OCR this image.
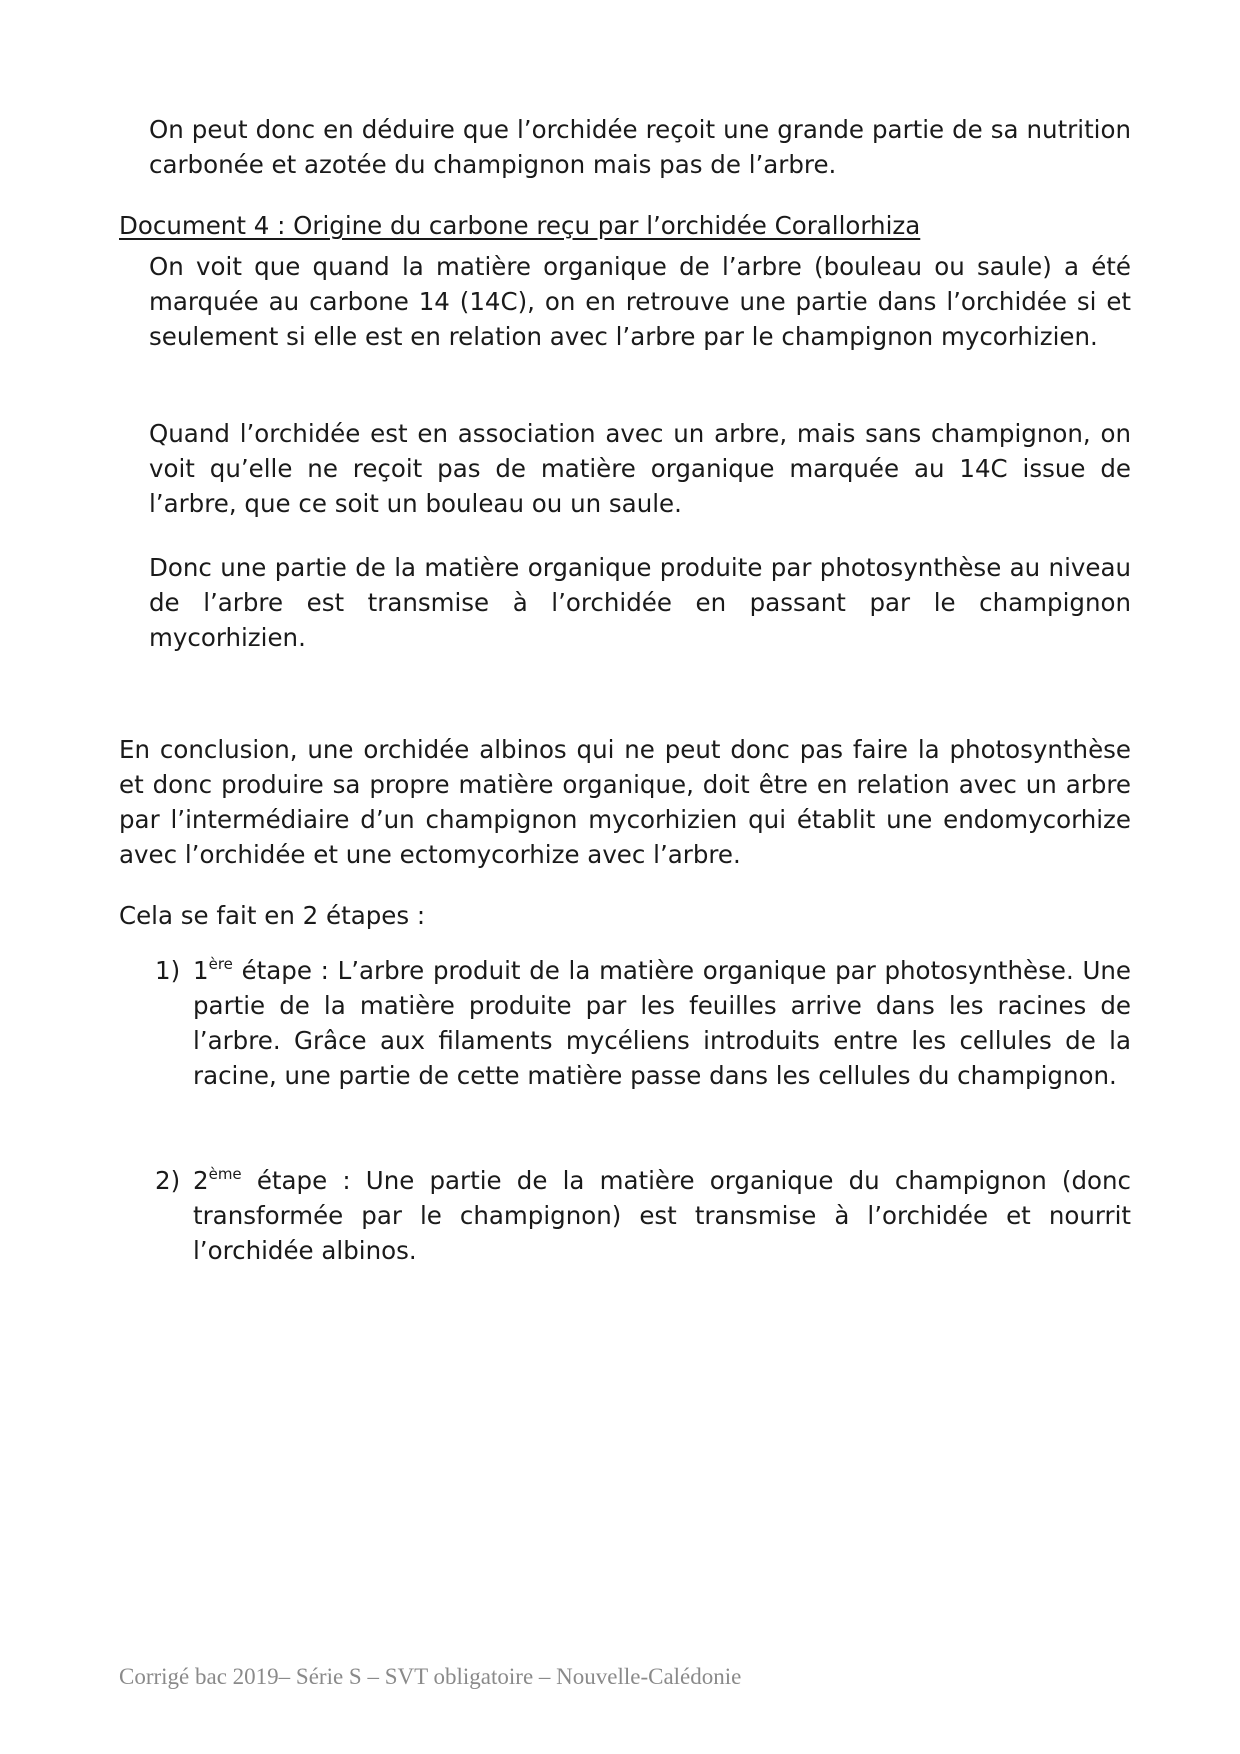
On peut donc en déduire que l’orchidée reçoit une grande partie de sa nutrition carbonée et azotée du champignon mais pas de l’arbre.

Document 4 : Origine du carbone reçu par l’orchidée Corallorhiza

On voit que quand la matière organique de l’arbre (bouleau ou saule) a été marquée au carbone 14 (14C), on en retrouve une partie dans l’orchidée si et seulement si elle est en relation avec l’arbre par le champignon mycorhizien.

Quand l’orchidée est en association avec un arbre, mais sans champignon, on voit qu’elle ne reçoit pas de matière organique marquée au 14C issue de l’arbre, que ce soit un bouleau ou un saule.

Donc une partie de la matière organique produite par photosynthèse au niveau de l’arbre est transmise à l’orchidée en passant par le champignon mycorhizien.

En conclusion, une orchidée albinos qui ne peut donc pas faire la photosynthèse et donc produire sa propre matière organique, doit être en relation avec un arbre par l’intermédiaire d’un champignon mycorhizien qui établit une endomycorhize avec l’orchidée et une ectomycorhize avec l’arbre.

Cela se fait en 2 étapes :

1) 1ère étape : L’arbre produit de la matière organique par photosynthèse. Une partie de la matière produite par les feuilles arrive dans les racines de l’arbre. Grâce aux filaments mycéliens introduits entre les cellules de la racine, une partie de cette matière passe dans les cellules du champignon.
2) 2ème étape : Une partie de la matière organique du champignon (donc transformée par le champignon) est transmise à l’orchidée et nourrit l’orchidée albinos.

Corrigé bac 2019– Série S – SVT obligatoire – Nouvelle-Calédonie
